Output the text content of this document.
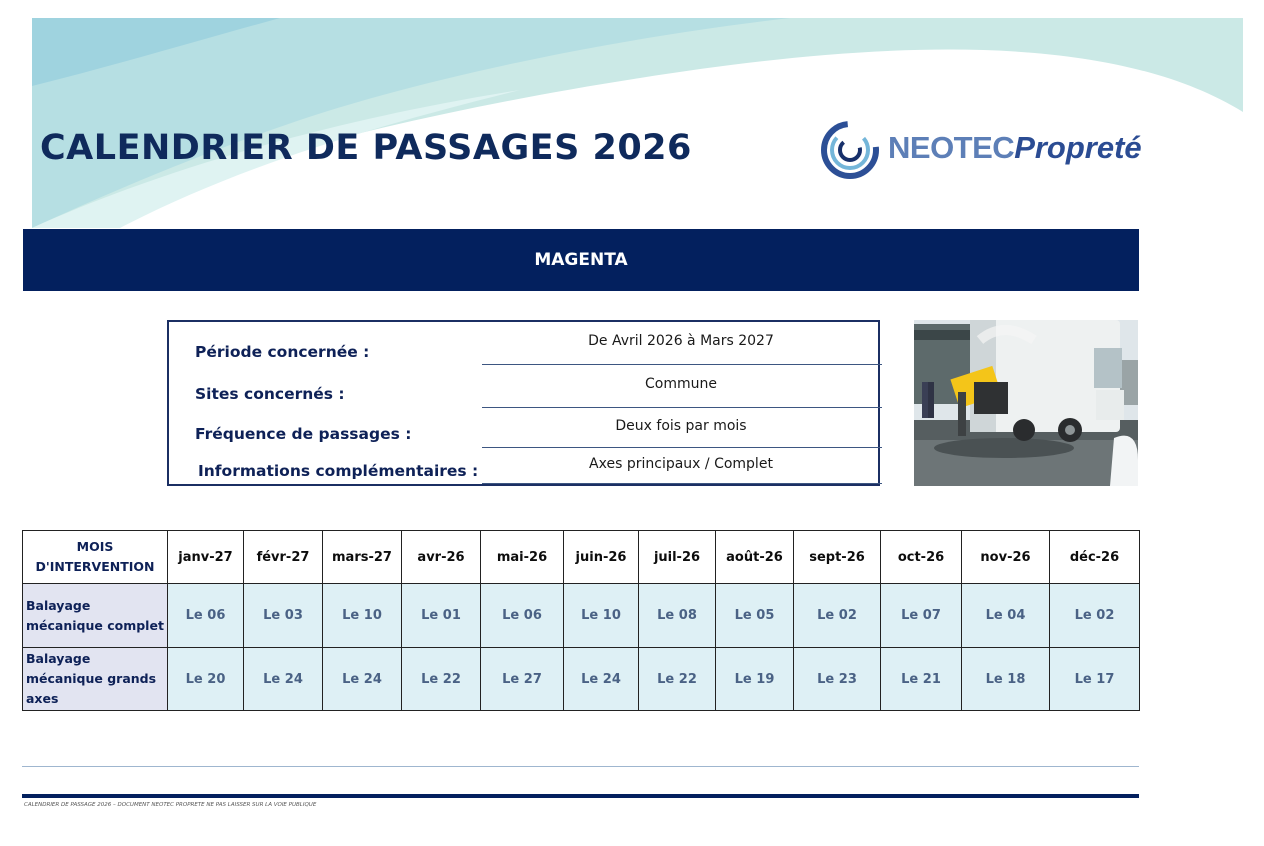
CALENDRIER DE PASSAGES 2026	NEOTECPropreté
MAGENTA
Période concernée :
De Avril 2026 à Mars 2027
Sites concernés :
Commune
Fréquence de passages :	Deux fois par mois
Informations complémentaires :	Axes principaux / Complet
MOIS
D'INTERVENTION	janv-27	févr-27	mars-27	avr-26	mai-26	juin-26	juil-26	août-26	sept-26	oct-26	nov-26	déc-26

Balayage
mécanique complet	Le 06	Le 03	Le 10	Le 01	Le 06	Le 10	Le 08	Le 05	Le 02	Le 07	Le 04	Le 02

Balayage
mécanique grands
axes	Le 20	Le 24	Le 24	Le 22	Le 27	Le 24	Le 22	Le 19	Le 23	Le 21	Le 18	Le 17
CALENDRIER DE PASSAGE 2026 – DOCUMENT NEOTEC PROPRETE NE PAS LAISSER SUR LA VOIE PUBLIQUE
